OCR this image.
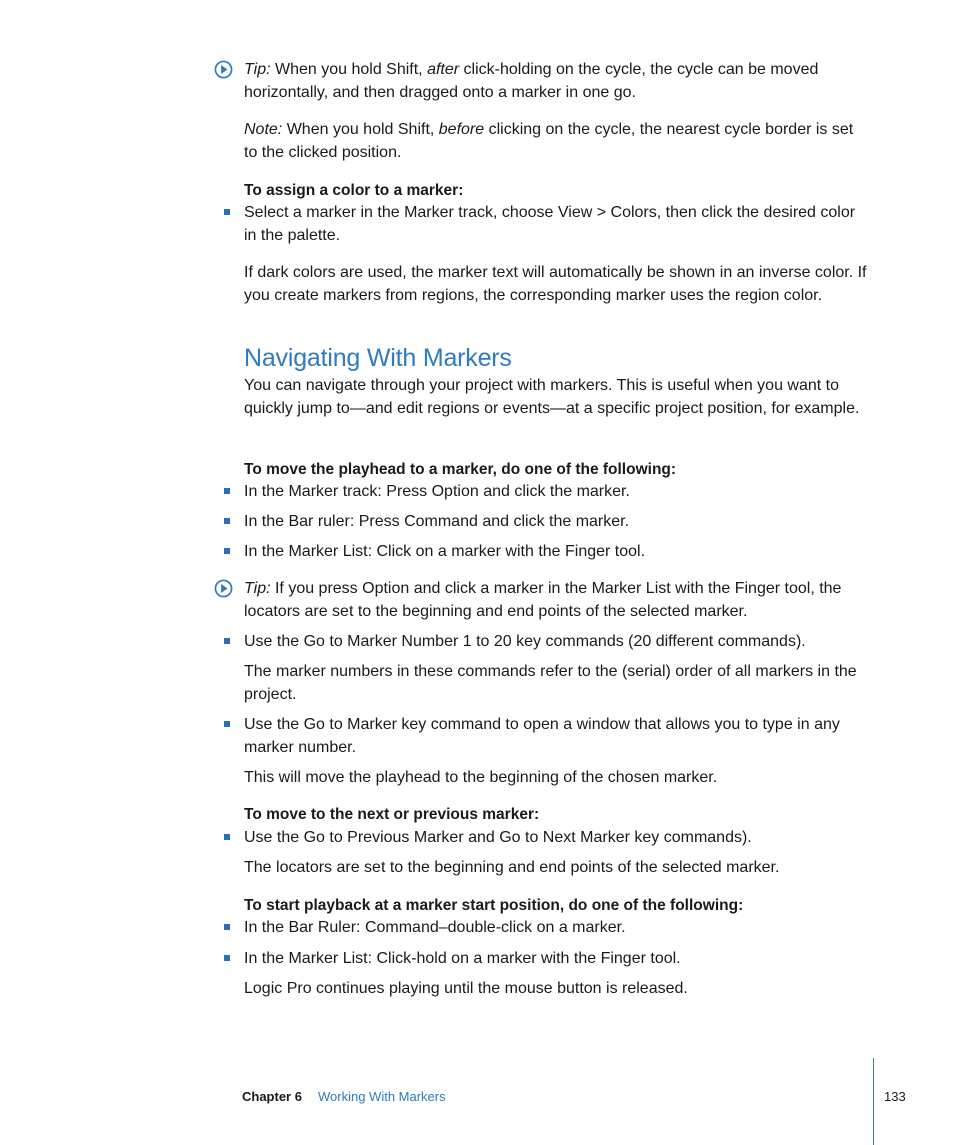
Tip: When you hold Shift, after click-holding on the cycle, the cycle can be moved horizontally, and then dragged onto a marker in one go.

Note: When you hold Shift, before clicking on the cycle, the nearest cycle border is set to the clicked position.

To assign a color to a marker:

Select a marker in the Marker track, choose View > Colors, then click the desired color in the palette.

If dark colors are used, the marker text will automatically be shown in an inverse color. If you create markers from regions, the corresponding marker uses the region color.

Navigating With Markers

You can navigate through your project with markers. This is useful when you want to quickly jump to—and edit regions or events—at a specific project position, for example.

To move the playhead to a marker, do one of the following:

In the Marker track: Press Option and click the marker.

In the Bar ruler: Press Command and click the marker.

In the Marker List: Click on a marker with the Finger tool.

Tip: If you press Option and click a marker in the Marker List with the Finger tool, the locators are set to the beginning and end points of the selected marker.

Use the Go to Marker Number 1 to 20 key commands (20 different commands).

The marker numbers in these commands refer to the (serial) order of all markers in the project.

Use the Go to Marker key command to open a window that allows you to type in any marker number.

This will move the playhead to the beginning of the chosen marker.

To move to the next or previous marker:

Use the Go to Previous Marker and Go to Next Marker key commands).

The locators are set to the beginning and end points of the selected marker.

To start playback at a marker start position, do one of the following:

In the Bar Ruler: Command–double-click on a marker.

In the Marker List: Click-hold on a marker with the Finger tool.

Logic Pro continues playing until the mouse button is released.

Chapter 6 Working With Markers	133
